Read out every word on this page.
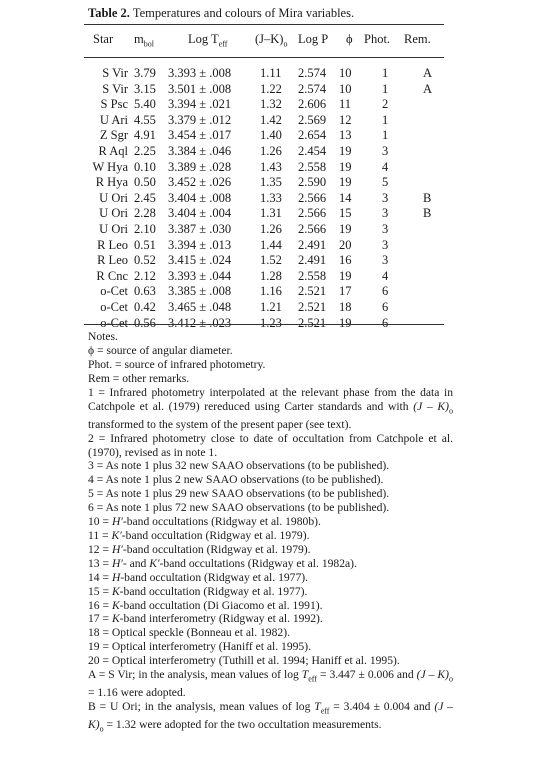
Table 2. Temperatures and colours of Mira variables.
Star $m_{bol}$	Log $T_{eff}$ $(J-K)_o$ Log P ϕ Phot. Rem.
S Vir 3.79 3.393 ± .008 1.11 2.574 10 1	A
S Vir 3.15 3.501 ± .008 1.22 2.574 10 1	A
S Psc 5.40 3.394 ± .021 1.32 2.606 11 2
U Ari 4.55 3.379 ± .012 1.42 2.569 12 1
Z Sgr 4.91 3.454 ± .017 1.40 2.654 13 1
R Aql 2.25 3.384 ± .046 1.26 2.454 19 3
W Hya 0.10 3.389 ± .028 1.43 2.558 19 4
R Hya 0.50 3.452 ± .026 1.35 2.590 19 5
U Ori 2.45 3.404 ± .008 1.33 2.566 14 3	B
U Ori 2.28 3.404 ± .004 1.31 2.566 15 3	B
U Ori 2.10 3.387 ± .030 1.26 2.566 19 3
R Leo 0.51 3.394 ± .013 1.44 2.491 20 3
R Leo 0.52 3.415 ± .024 1.52 2.491 16 3
R Cnc 2.12 3.393 ± .044 1.28 2.558 19 4
o-Cet 0.63 3.385 ± .008 1.16 2.521 17 6
o-Cet 0.42 3.465 ± .048 1.21 2.521 18 6
o-Cet 0.56 3.412 ± .023 1.23 2.521 19 6

Notes.

ϕ = source of angular diameter.

Phot. = source of infrared photometry.

Rem = other remarks.

1 = Infrared photometry interpolated at the relevant phase from the data in Catchpole et al. (1979) rereduced using Carter standards and with $(J - K)_o$ transformed to the system of the present paper (see text).

2 = Infrared photometry close to date of occultation from Catchpole et al. (1970), revised as in note 1.

3 = As note 1 plus 32 new SAAO observations (to be published).

4 = As note 1 plus 2 new SAAO observations (to be published).

5 = As note 1 plus 29 new SAAO observations (to be published).

6 = As note 1 plus 72 new SAAO observations (to be published).

10 = H′-band occultations (Ridgway et al. 1980b).

11 = K′-band occultation (Ridgway et al. 1979).

12 = H′-band occultation (Ridgway et al. 1979).

13 = H′- and K′-band occultations (Ridgway et al. 1982a).

14 = H-band occultation (Ridgway et al. 1977).

15 = K-band occultation (Ridgway et al. 1977).

16 = K-band occultation (Di Giacomo et al. 1991).

17 = K-band interferometry (Ridgway et al. 1992).

18 = Optical speckle (Bonneau et al. 1982).

19 = Optical interferometry (Haniff et al. 1995).

20 = Optical interferometry (Tuthill et al. 1994; Haniff et al. 1995).

A = S Vir; in the analysis, mean values of $\log T_{eff} = 3.447 \pm 0.006$ and $(J - K)_o = 1.16$ were adopted.

B = U Ori; in the analysis, mean values of $\log T_{eff} = 3.404 \pm 0.004$ and $(J - K)_o = 1.32$ were adopted for the two occultation measurements.
